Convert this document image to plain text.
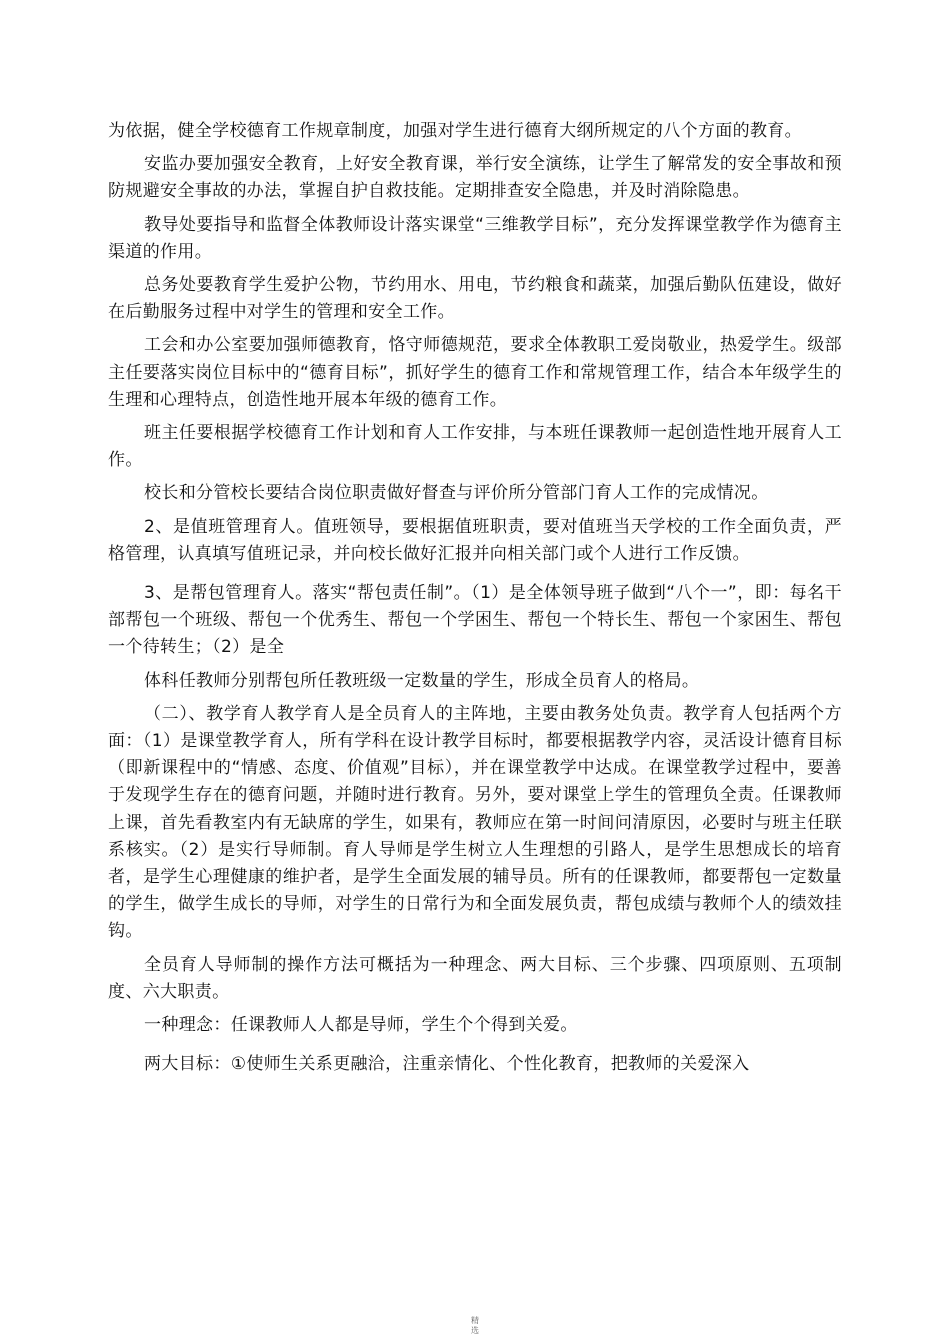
为依据，健全学校德育工作规章制度，加强对学生进行德育大纲所规定的八个方面的教育。

安监办要加强安全教育，上好安全教育课，举行安全演练，让学生了解常发的安全事故和预防规避安全事故的办法，掌握自护自救技能。定期排查安全隐患，并及时消除隐患。

教导处要指导和监督全体教师设计落实课堂“三维教学目标”，充分发挥课堂教学作为德育主渠道的作用。

总务处要教育学生爱护公物，节约用水、用电，节约粮食和蔬菜，加强后勤队伍建设，做好在后勤服务过程中对学生的管理和安全工作。

工会和办公室要加强师德教育，恪守师德规范，要求全体教职工爱岗敬业，热爱学生。级部主任要落实岗位目标中的“德育目标”，抓好学生的德育工作和常规管理工作，结合本年级学生的生理和心理特点，创造性地开展本年级的德育工作。

班主任要根据学校德育工作计划和育人工作安排，与本班任课教师一起创造性地开展育人工作。

校长和分管校长要结合岗位职责做好督查与评价所分管部门育人工作的完成情况。

2、是值班管理育人。值班领导，要根据值班职责，要对值班当天学校的工作全面负责，严格管理，认真填写值班记录，并向校长做好汇报并向相关部门或个人进行工作反馈。

3、是帮包管理育人。落实“帮包责任制”。（1）是全体领导班子做到“八个一”，即：每名干部帮包一个班级、帮包一个优秀生、帮包一个学困生、帮包一个特长生、帮包一个家困生、帮包一个待转生；（2）是全

体科任教师分别帮包所任教班级一定数量的学生，形成全员育人的格局。

（二）、教学育人教学育人是全员育人的主阵地，主要由教务处负责。教学育人包括两个方面：（1）是课堂教学育人，所有学科在设计教学目标时，都要根据教学内容，灵活设计德育目标（即新课程中的“情感、态度、价值观”目标），并在课堂教学中达成。在课堂教学过程中，要善于发现学生存在的德育问题，并随时进行教育。另外，要对课堂上学生的管理负全责。任课教师上课，首先看教室内有无缺席的学生，如果有，教师应在第一时间问清原因，必要时与班主任联系核实。（2）是实行导师制。育人导师是学生树立人生理想的引路人，是学生思想成长的培育者，是学生心理健康的维护者，是学生全面发展的辅导员。所有的任课教师，都要帮包一定数量的学生，做学生成长的导师，对学生的日常行为和全面发展负责，帮包成绩与教师个人的绩效挂钩。

全员育人导师制的操作方法可概括为一种理念、两大目标、三个步骤、四项原则、五项制度、六大职责。

一种理念：任课教师人人都是导师，学生个个得到关爱。

两大目标：①使师生关系更融洽，注重亲情化、个性化教育，把教师的关爱深入

精
选
